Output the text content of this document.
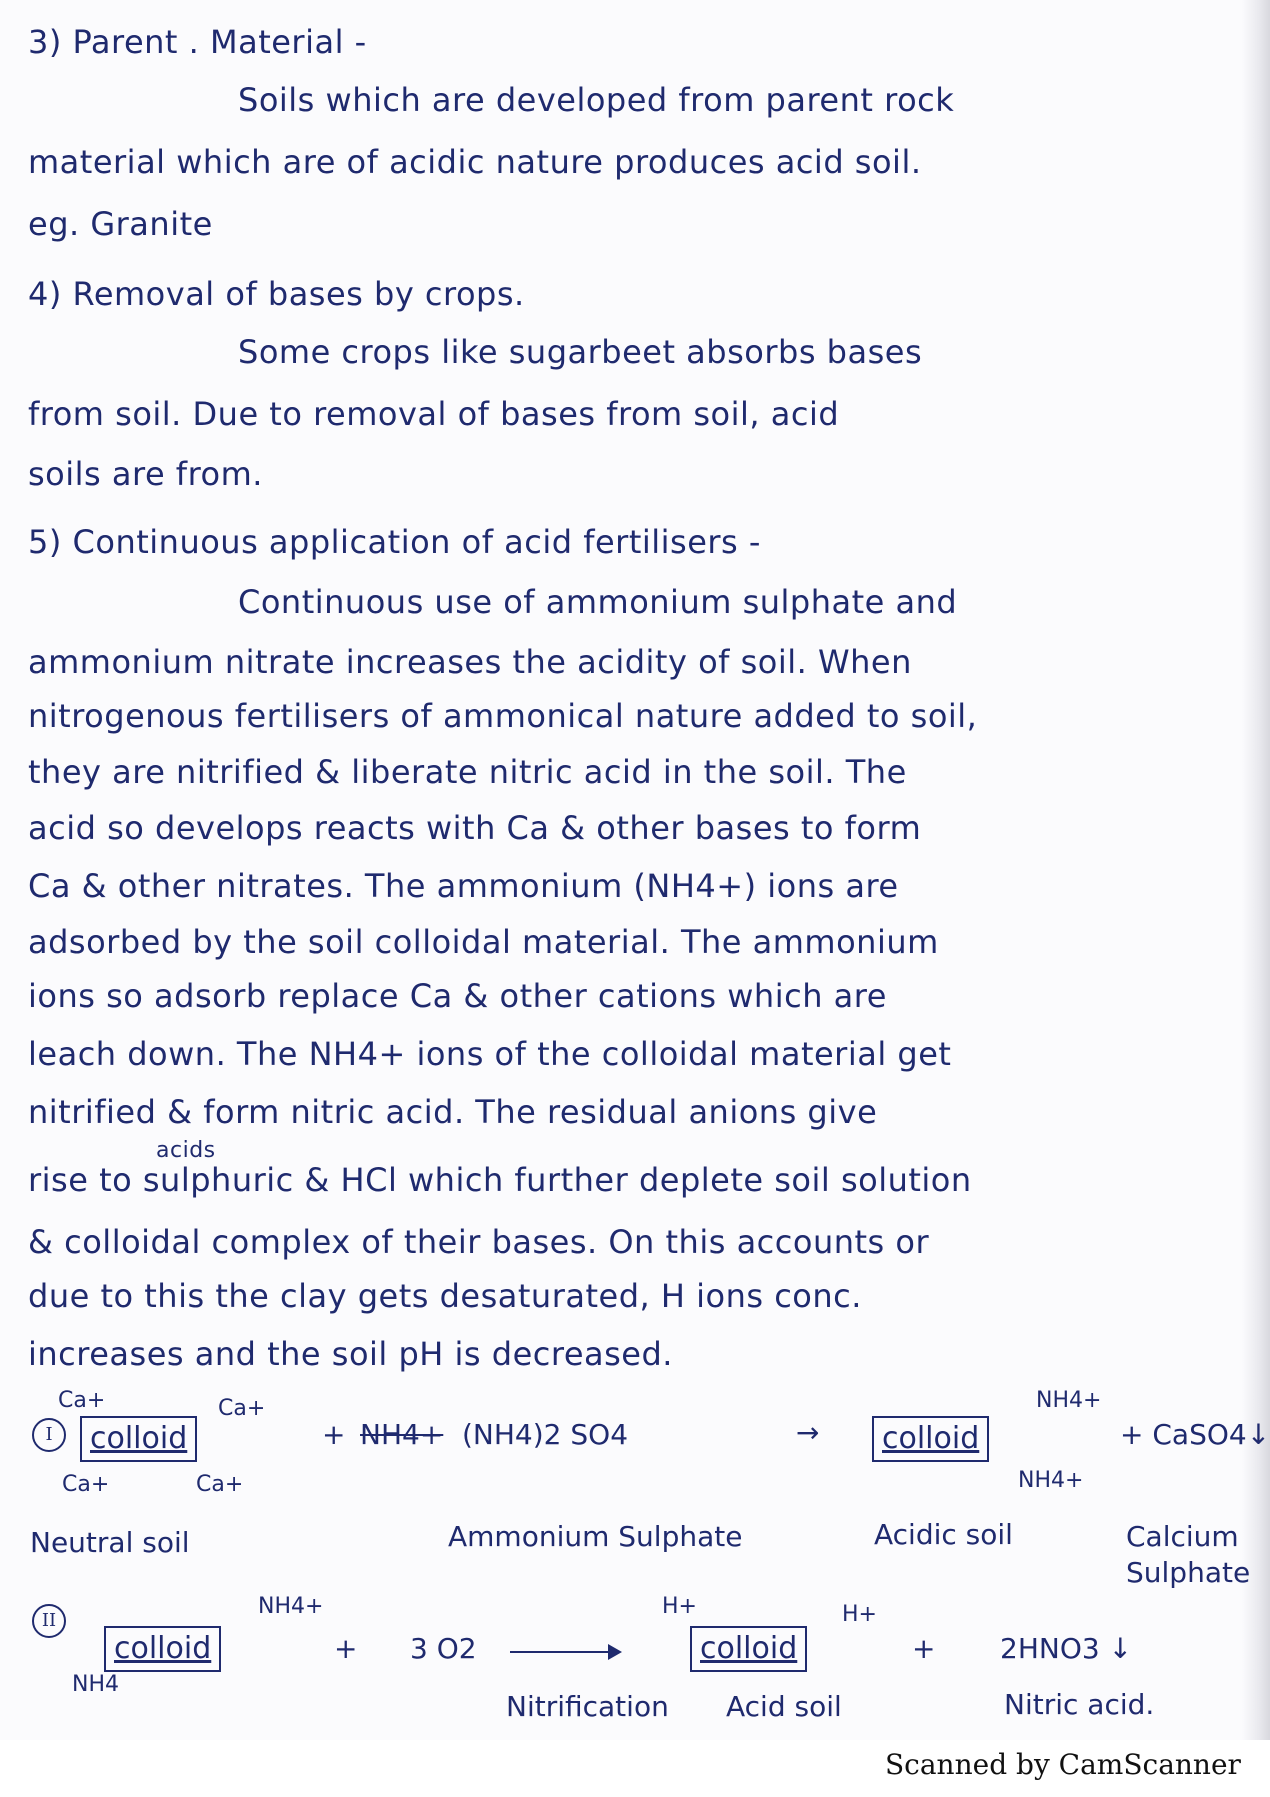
3) Parent . Material -
Soils which are developed from parent rock
material which are of acidic nature produces acid soil.
eg. Granite
4) Removal of bases by crops.
Some crops like sugarbeet absorbs bases
from soil. Due to removal of bases from soil, acid
soils are from.
5) Continuous application of acid fertilisers -
Continuous use of ammonium sulphate and
ammonium nitrate increases the acidity of soil. When
nitrogenous fertilisers of ammonical nature added to soil,
they are nitrified & liberate nitric acid in the soil. The
acid so develops reacts with Ca & other bases to form
Ca & other nitrates. The ammonium (NH4+) ions are
adsorbed by the soil colloidal material. The ammonium
ions so adsorb replace Ca & other cations which are
leach down. The NH4+ ions of the colloidal material get
nitrified & form nitric acid. The residual anions give
acids
rise to sulphuric & HCl which further deplete soil solution
& colloidal complex of their bases. On this accounts or
due to this the clay gets desaturated, H ions conc.
increases and the soil pH is decreased.
I
Ca+	Ca+
colloid
Ca+	Ca+
+ NH4+ (NH4)2 SO4	→
NH4+
colloid
NH4+
+ CaSO4↓
Neutral soil	Ammonium Sulphate	Acidic soil	Calcium
Sulphate
II
NH4+
colloid
NH4
+ 3 O2
H+
colloid
H+
+ 2HNO3 ↓
Nitrification Acid soil	Nitric acid.
Scanned by CamScanner
